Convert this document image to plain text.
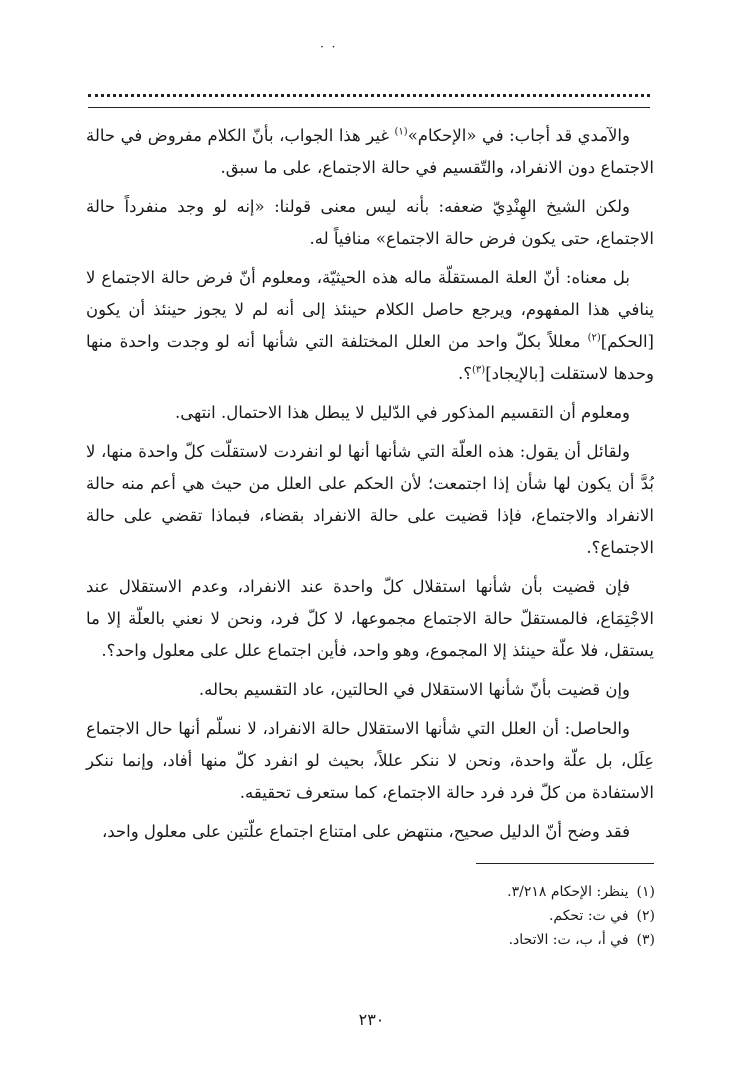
· ·

والآمدي قد أجاب: في «الإحكام»$^{(١)}$ غير هذا الجواب، بأنّ الكلام مفروض في حالة الاجتماع دون الانفراد، والتّقسيم في حالة الاجتماع، على ما سبق.

ولكن الشيخ الهِنْدِيّ ضعفه: بأنه ليس معنى قولنا: «إنه لو وجد منفرداً حالة الاجتماع، حتى يكون فرض حالة الاجتماع» منافياً له.

بل معناه: أنّ العلة المستقلّة ماله هذه الحيثيّة، ومعلوم أنّ فرض حالة الاجتماع لا ينافي هذا المفهوم، ويرجع حاصل الكلام حينئذ إلى أنه لم لا يجوز حينئذ أن يكون [الحكم]$^{(٢)}$ معللاً بكلّ واحد من العلل المختلفة التي شأنها أنه لو وجدت واحدة منها وحدها لاستقلت [بالإيجاد]$^{(٣)}$؟.

ومعلوم أن التقسيم المذكور في الدّليل لا يبطل هذا الاحتمال. انتهى.

ولقائل أن يقول: هذه العلّة التي شأنها أنها لو انفردت لاستقلّت كلّ واحدة منها، لا بُدَّ أن يكون لها شأن إذا اجتمعت؛ لأن الحكم على العلل من حيث هي أعم منه حالة الانفراد والاجتماع، فإذا قضيت على حالة الانفراد بقضاء، فبماذا تقضي على حالة الاجتماع؟.

فإن قضيت بأن شأنها استقلال كلّ واحدة عند الانفراد، وعدم الاستقلال عند الاجْتِمَاع، فالمستقلّ حالة الاجتماع مجموعها، لا كلّ فرد، ونحن لا نعني بالعلّة إلا ما يستقل، فلا علّة حينئذ إلا المجموع، وهو واحد، فأين اجتماع علل على معلول واحد؟.

وإن قضيت بأنّ شأنها الاستقلال في الحالتين، عاد التقسيم بحاله.

والحاصل: أن العلل التي شأنها الاستقلال حالة الانفراد، لا نسلّم أنها حال الاجتماع عِلَل، بل علّة واحدة، ونحن لا ننكر عللاً، بحيث لو انفرد كلّ منها أفاد، وإنما ننكر الاستفادة من كلّ فرد فرد حالة الاجتماع، كما ستعرف تحقيقه.

فقد وضح أنّ الدليل صحيح، منتهض على امتناع اجتماع علّتين على معلول واحد،

(١)ينظر: الإحكام ٣/٢١٨.
(٢)في ت: تحكم.
(٣)في أ، ب، ت: الاتحاد.
٢٣٠
